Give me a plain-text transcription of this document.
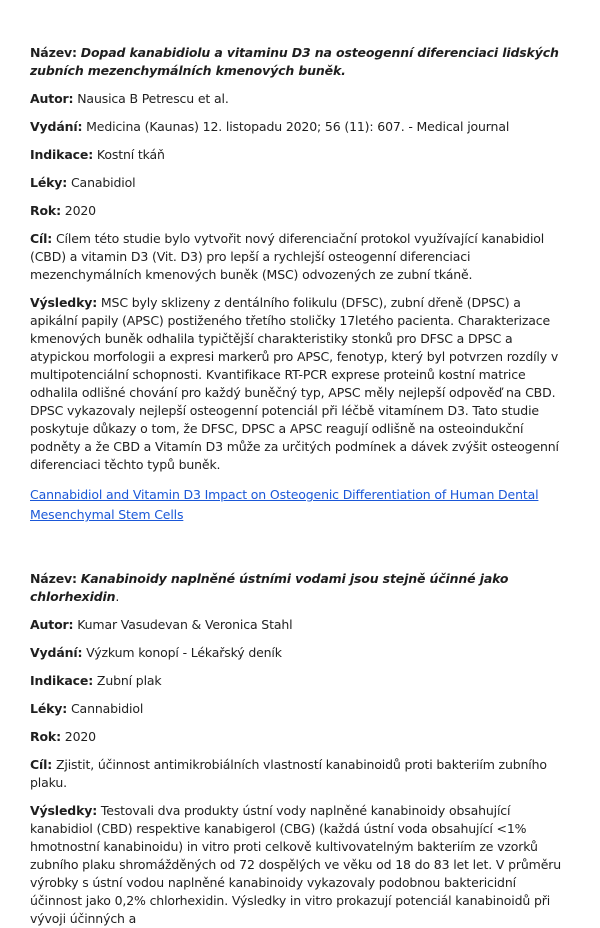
Název: Dopad kanabidiolu a vitaminu D3 na osteogenní diferenciaci lidských zubních mezenchymálních kmenových buněk.

Autor: Nausica B Petrescu et al.

Vydání: Medicina (Kaunas) 12. listopadu 2020; 56 (11): 607. - Medical journal

Indikace: Kostní tkáň

Léky: Canabidiol

Rok: 2020

Cíl: Cílem této studie bylo vytvořit nový diferenciační protokol využívající kanabidiol (CBD) a vitamin D3 (Vit. D3) pro lepší a rychlejší osteogenní diferenciaci mezenchymálních kmenových buněk (MSC) odvozených ze zubní tkáně.

Výsledky: MSC byly sklizeny z dentálního folikulu (DFSC), zubní dřeně (DPSC) a apikální papily (APSC) postiženého třetího stoličky 17letého pacienta. Charakterizace kmenových buněk odhalila typičtější charakteristiky stonků pro DFSC a DPSC a atypickou morfologii a expresi markerů pro APSC, fenotyp, který byl potvrzen rozdíly v multipotenciální schopnosti. Kvantifikace RT-PCR exprese proteinů kostní matrice odhalila odlišné chování pro každý buněčný typ, APSC měly nejlepší odpověď na CBD. DPSC vykazovaly nejlepší osteogenní potenciál při léčbě vitamínem D3. Tato studie poskytuje důkazy o tom, že DFSC, DPSC a APSC reagují odlišně na osteoindukční podněty a že CBD a Vitamín D3 může za určitých podmínek a dávek zvýšit osteogenní diferenciaci těchto typů buněk.

Cannabidiol and Vitamin D3 Impact on Osteogenic Differentiation of Human Dental Mesenchymal Stem Cells

Název: Kanabinoidy naplněné ústními vodami jsou stejně účinné jako chlorhexidin.

Autor: Kumar Vasudevan & Veronica Stahl

Vydání: Výzkum konopí - Lékařský deník

Indikace: Zubní plak

Léky: Cannabidiol

Rok: 2020

Cíl: Zjistit, účinnost antimikrobiálních vlastností kanabinoidů proti bakteriím zubního plaku.

Výsledky: Testovali dva produkty ústní vody naplněné kanabinoidy obsahující kanabidiol (CBD) respektive kanabigerol (CBG) (každá ústní voda obsahující <1% hmotnostní kanabinoidu) in vitro proti celkově kultivovatelným bakteriím ze vzorků zubního plaku shromážděných od 72 dospělých ve věku od 18 do 83 let let. V průměru výrobky s ústní vodou naplněné kanabinoidy vykazovaly podobnou baktericidní účinnost jako 0,2% chlorhexidin. Výsledky in vitro prokazují potenciál kanabinoidů při vývoji účinných a
